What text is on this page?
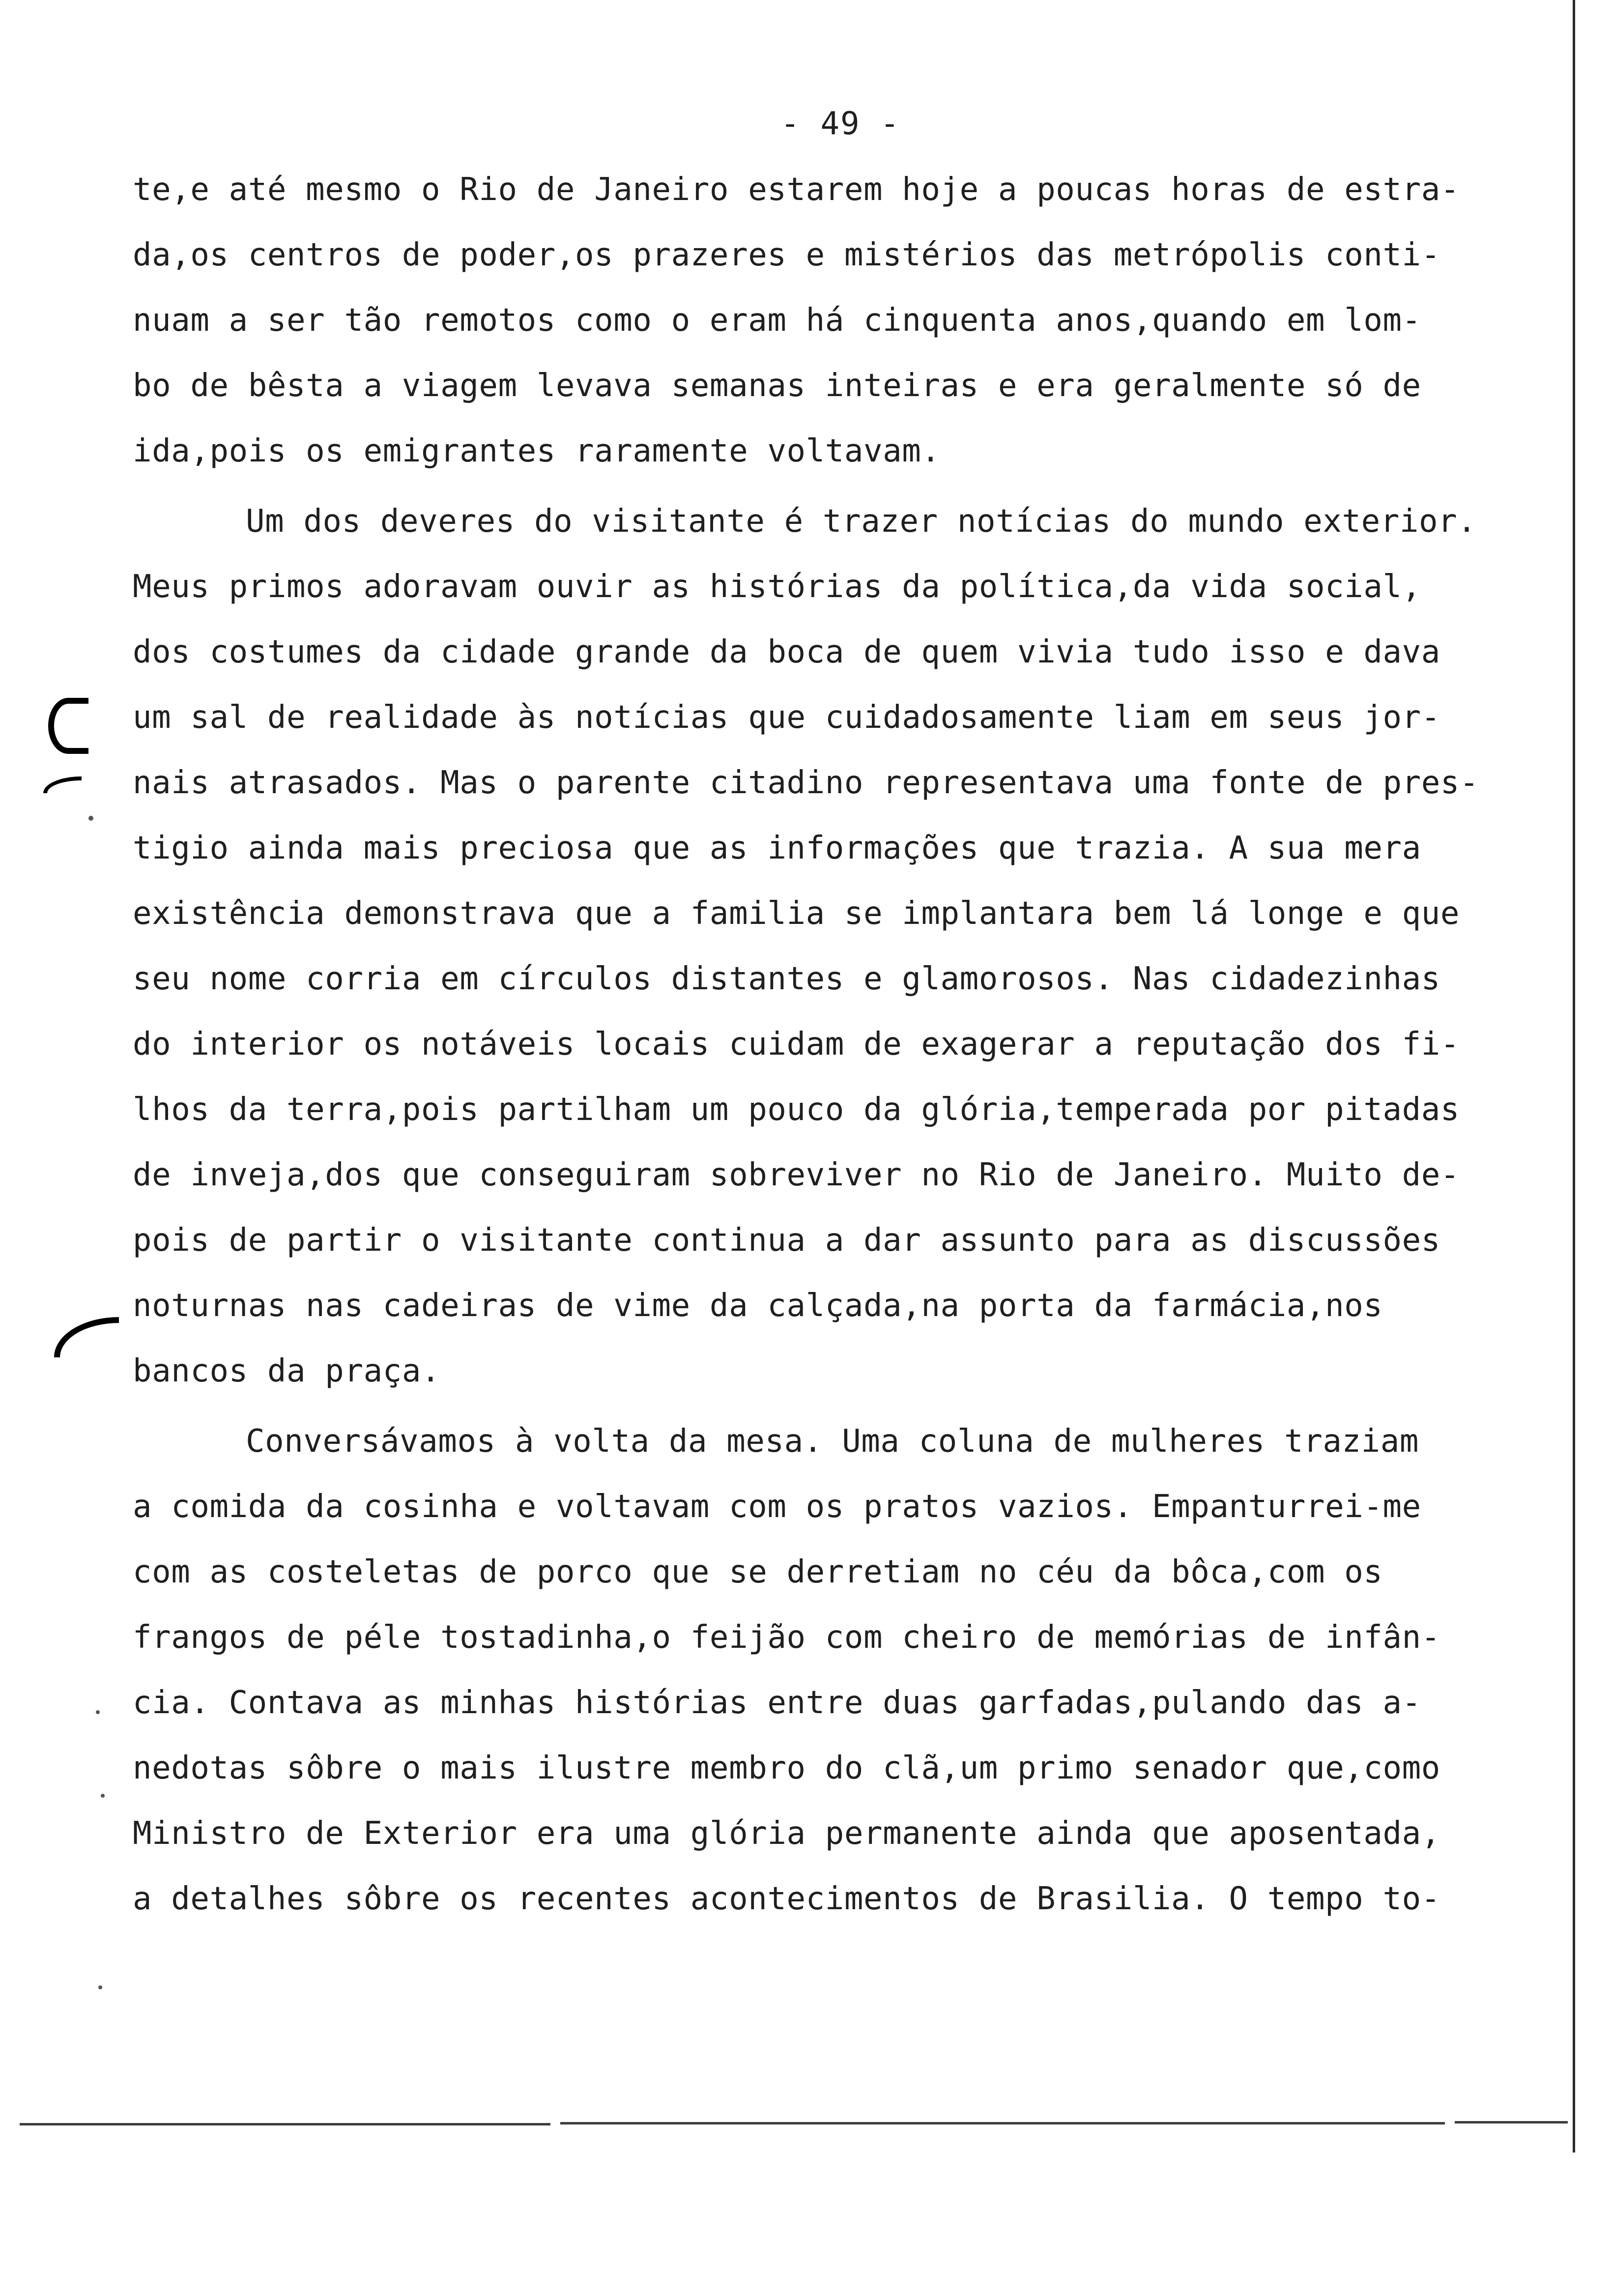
- 49 -
te,e até mesmo o Rio de Janeiro estarem hoje a poucas horas de estra-
da,os centros de poder,os prazeres e mistérios das metrópolis conti-
nuam a ser tão remotos como o eram há cinquenta anos,quando em lom-
bo de bêsta a viagem levava semanas inteiras e era geralmente só de
ida,pois os emigrantes raramente voltavam.
Um dos deveres do visitante é trazer notícias do mundo exterior.
Meus primos adoravam ouvir as histórias da política,da vida social,
dos costumes da cidade grande da boca de quem vivia tudo isso e dava
um sal de realidade às notícias que cuidadosamente liam em seus jor-
nais atrasados. Mas o parente citadino representava uma fonte de pres-
tigio ainda mais preciosa que as informações que trazia. A sua mera
existência demonstrava que a familia se implantara bem lá longe e que
seu nome corria em círculos distantes e glamorosos. Nas cidadezinhas
do interior os notáveis locais cuidam de exagerar a reputação dos fi-
lhos da terra,pois partilham um pouco da glória,temperada por pitadas
de inveja,dos que conseguiram sobreviver no Rio de Janeiro. Muito de-
pois de partir o visitante continua a dar assunto para as discussões
noturnas nas cadeiras de vime da calçada,na porta da farmácia,nos
bancos da praça.
Conversávamos à volta da mesa. Uma coluna de mulheres traziam
a comida da cosinha e voltavam com os pratos vazios. Empanturrei-me
com as costeletas de porco que se derretiam no céu da bôca,com os
frangos de péle tostadinha,o feijão com cheiro de memórias de infân-
cia. Contava as minhas histórias entre duas garfadas,pulando das a-
nedotas sôbre o mais ilustre membro do clã,um primo senador que,como
Ministro de Exterior era uma glória permanente ainda que aposentada,
a detalhes sôbre os recentes acontecimentos de Brasilia. O tempo to-
